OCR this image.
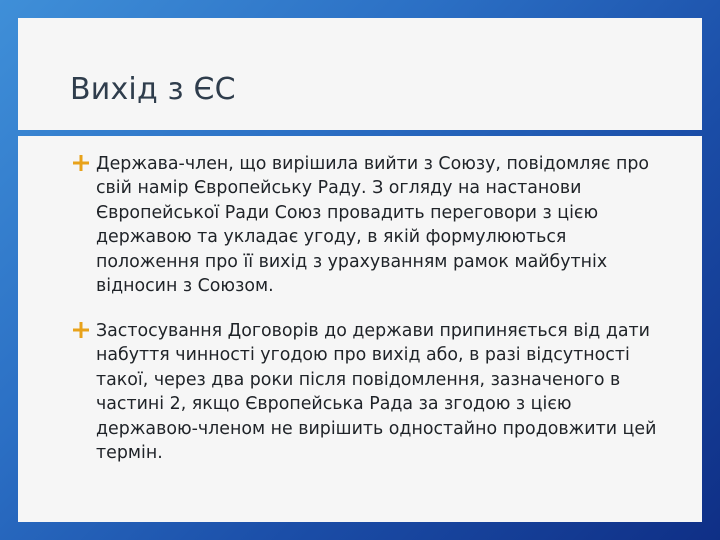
Вихід з ЄС

Держава-член, що вирішила вийти з Союзу, повідомляє про свій намір Європейську Раду. З огляду на настанови Європейської Ради Союз провадить переговори з цією державою та укладає угоду, в якій формулюються положення про її вихід з урахуванням рамок майбутніх відносин з Союзом.

Застосування Договорів до держави припиняється від дати набуття чинності угодою про вихід або, в разі відсутності такої, через два роки після повідомлення, зазначеного в частині 2, якщо Європейська Рада за згодою з цією державою-членом не вирішить одностайно продовжити цей термін.
